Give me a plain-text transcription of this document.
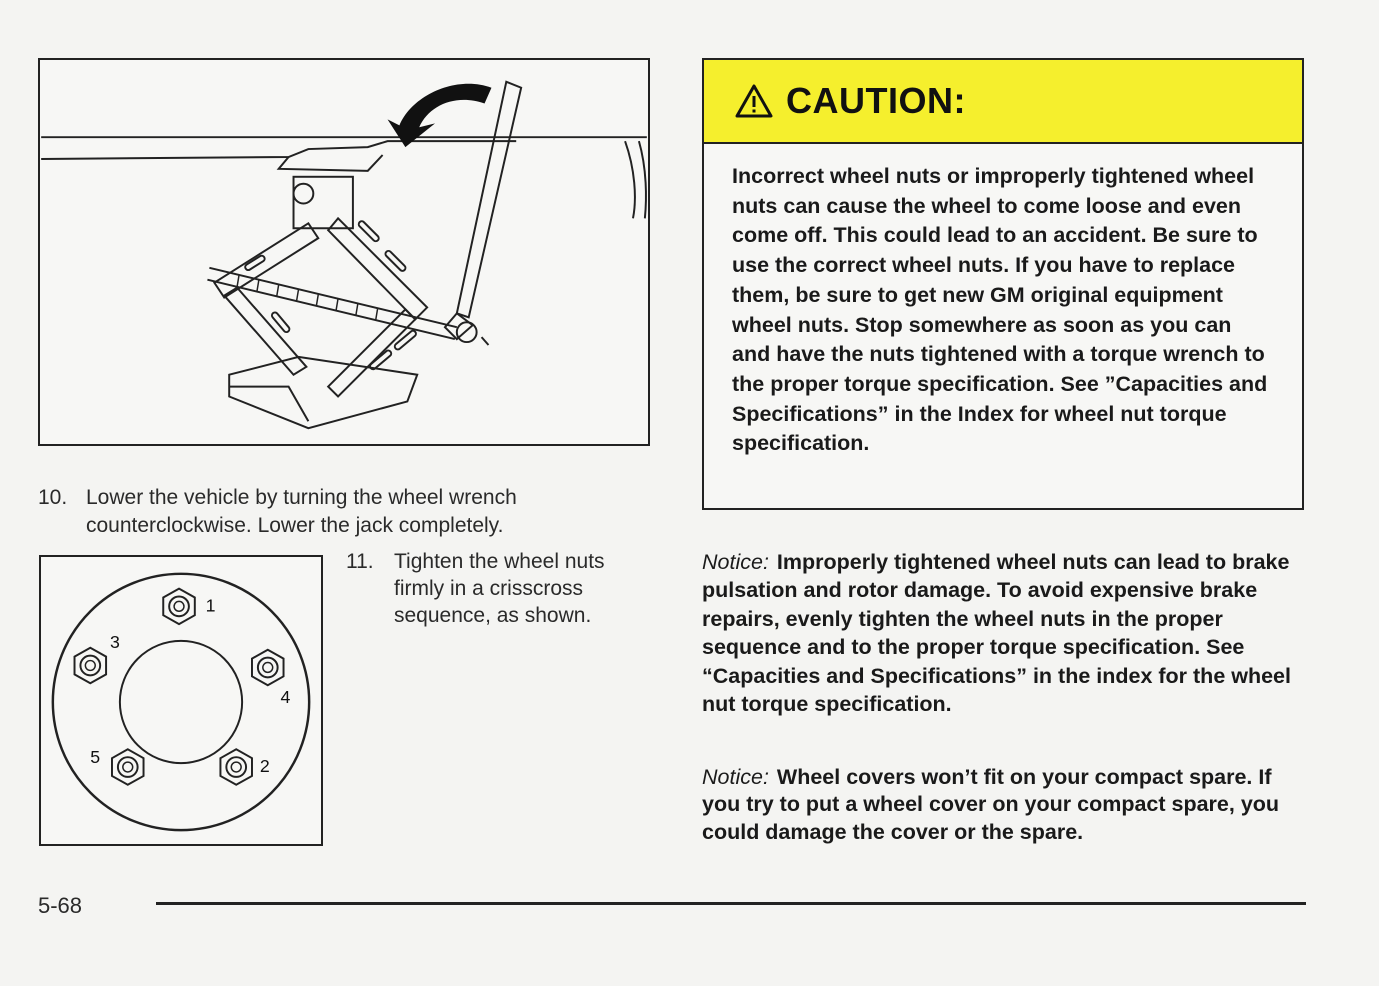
10. Lower the vehicle by turning the wheel wrench counterclockwise. Lower the jack completely.
1
2
3
4
5
11. Tighten the wheel nuts firmly in a crisscross sequence, as shown.
CAUTION:
Incorrect wheel nuts or improperly tightened wheel nuts can cause the wheel to come loose and even come off. This could lead to an accident. Be sure to use the correct wheel nuts. If you have to replace them, be sure to get new GM original equipment wheel nuts. Stop somewhere as soon as you can and have the nuts tightened with a torque wrench to the proper torque specification. See ”Capacities and Specifications” in the Index for wheel nut torque specification.
Notice: Improperly tightened wheel nuts can lead to brake pulsation and rotor damage. To avoid expensive brake repairs, evenly tighten the wheel nuts in the proper sequence and to the proper torque specification. See “Capacities and Specifications” in the index for the wheel nut torque specification.
Notice: Wheel covers won’t fit on your compact spare. If you try to put a wheel cover on your compact spare, you could damage the cover or the spare.
5-68
